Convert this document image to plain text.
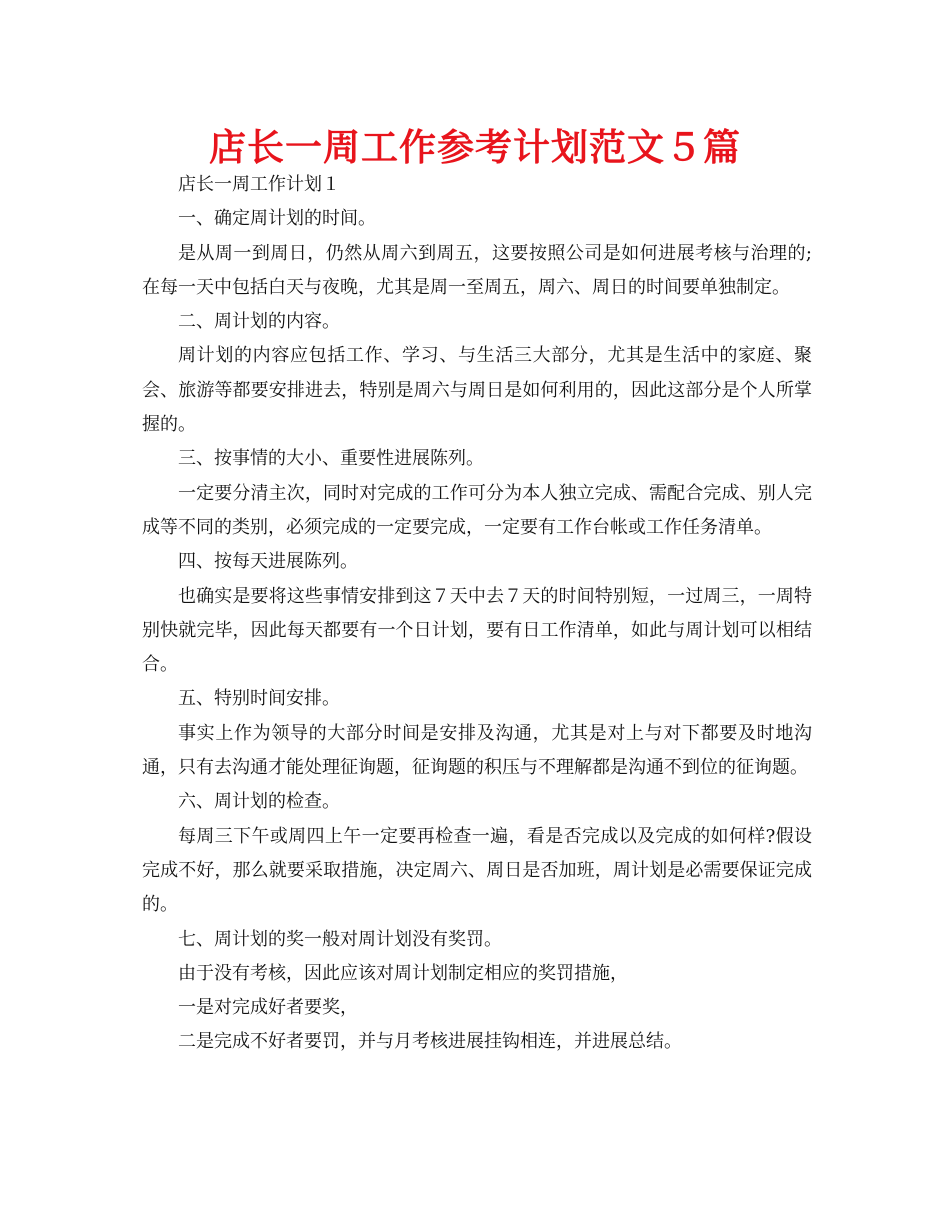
店长一周工作参考计划范文５篇

店长一周工作计划１

一、确定周计划的时间。

是从周一到周日，仍然从周六到周五，这要按照公司是如何进展考核与治理的;在每一天中包括白天与夜晚，尤其是周一至周五，周六、周日的时间要单独制定。

二、周计划的内容。

周计划的内容应包括工作、学习、与生活三大部分，尤其是生活中的家庭、聚会、旅游等都要安排进去，特别是周六与周日是如何利用的，因此这部分是个人所掌握的。

三、按事情的大小、重要性进展陈列。

一定要分清主次，同时对完成的工作可分为本人独立完成、需配合完成、别人完成等不同的类别，必须完成的一定要完成，一定要有工作台帐或工作任务清单。

四、按每天进展陈列。

也确实是要将这些事情安排到这７天中去７天的时间特别短，一过周三，一周特别快就完毕，因此每天都要有一个日计划，要有日工作清单，如此与周计划可以相结合。

五、特别时间安排。

事实上作为领导的大部分时间是安排及沟通，尤其是对上与对下都要及时地沟通，只有去沟通才能处理征询题，征询题的积压与不理解都是沟通不到位的征询题。

六、周计划的检查。

每周三下午或周四上午一定要再检查一遍，看是否完成以及完成的如何样?假设完成不好，那么就要采取措施，决定周六、周日是否加班，周计划是必需要保证完成的。

七、周计划的奖一般对周计划没有奖罚。

由于没有考核，因此应该对周计划制定相应的奖罚措施，

一是对完成好者要奖，

二是完成不好者要罚，并与月考核进展挂钩相连，并进展总结。
